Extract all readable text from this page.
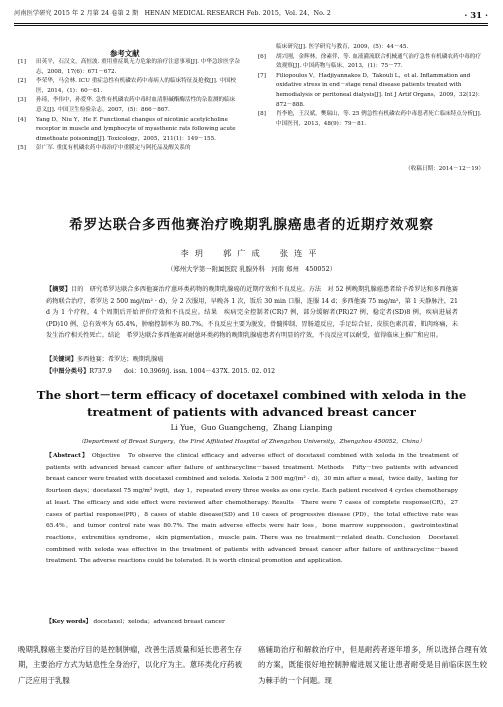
河南医学研究 2015 年 2 月第 24 卷第 2 期　HENAN MEDICAL RESEARCH Feb. 2015，Vol. 24，No. 2	· 31 ·
参考文献
[1]	田英平，石汉文，高恒波. 重用重症肌无力危象的治疗注意事项[J]. 中华急诊医学杂志，2008，17(6)：671－672.
[2]	李荣华，马会林. ICU 重症急性有机磷农药中毒病人的临床特征及抢救[J]. 中国校医，2014，(1)：60－61.
[3]	孙琦，李伟中，孙爱华. 急性有机磷农药中毒时血清胆碱酯酶活性的杂监测的临床意义[J]. 中国卫生检验杂志，2007，(5)：866－867.
[4]	Yang D，Niu Y，He F. Functional changes of nicotinic acetylcholine receptor in muscle and lymphocyte of myasthenic rats following acute dimethoate poisoning[J]. Toxicology，2005，211(1)：149－155.
[5]	彭广军. 重度有机磷农药中毒治疗中重膜定与阿托品及醒关系的
临床研究[J]. 医学研究与教育，2009，(5)：44－45.
[6]	胡兴刚，金辉林，徐素伴，等. 血液灌流联合机械通气治疗急性有机磷农药中毒的疗效观察[J]. 中国药物与临床，2013，(1)：75－77.
[7]	Filiopoulos V，Hadjiyannakos D，Takouli L，et al. Inflammation and oxidative stress in end－stage renal disease patients treated with hemodialysis or peritoneal dialysis[J]. Int J Artif Organs，2009，32(12)：872－888.
[8]	肖李艳，王汉斌，樊瑞山，等. 25 例急性有机磷农药中毒患者死亡临床特点分析[J]. 中国医刊，2013，48(9)：79－81.
（收稿日期：2014－12－19）
希罗达联合多西他赛治疗晚期乳腺癌患者的近期疗效观察
李玥　郭广成　张连平
（郑州大学第一附属医院 乳腺外科　河南 郑州　450052）
【摘要】目的　研究希罗达联合多西他赛治疗蒽环类药物的晚期乳腺癌的近期疗效和不良反应。方法　对 52 例晚期乳腺癌患者给予希罗达和多西他赛药物联合治疗，希罗达 2 500 mg/(m² · d)，分 2 次服用，早晚各 1 次，饭后 30 min 口服，连服 14 d；多西他赛 75 mg/m²，第 1 天静脉注，21 d 为 1 个疗程，4 个周期后开始评价疗效和不良反应。结果　疾病完全控制者(CR)7 例，部分缓解者(PR)27 例，稳定者(SD)8 例，疾病进展者(PD)10 例，总有效率为 65.4%，肿瘤控制率为 80.7%。不良反应主要为脱发，骨髓抑制，胃肠道反应，手足综合征，皮肤色素沉着，肌肉疼痛，未发生治疗相关性死亡。结论　希罗达联合多西他赛对耐蒽环类药物的晚期乳腺癌患者有明显的疗效，不良反应可以耐受，值得临床上推广和应用。
【关键词】多西他赛；希罗达；晚期乳腺癌
【中图分类号】R737.9　　doi：10.3969/j. issn. 1004－437X. 2015. 02. 012
The short－term efficacy of docetaxel combined with xeloda in the
treatment of patients with advanced breast cancer
Li Yue，Guo Guangcheng，Zhang Lianping
（Department of Breast Surgery，the First Affiliated Hospital of Zhengzhou University，Zhengzhou 450052，China）
【Abstract】 Objective　To observe the clinical efficacy and adverse effect of docetaxel combined with xeloda in the treatment of patients with advanced breast cancer after failure of anthracycline－based treatment. Methods　Fifty－two patients with advanced breast cancer were treated with docetaxel combined and xeloda. Xeloda 2 500 mg/(m² · d)，30 min after a meal，twice daily，lasting for fourteen days；docetaxel 75 mg/m² ivgtt，day 1，repeated every three weeks as one cycle. Each patient received 4 cycles chemotherapy at least. The efficacy and side effect were reviewed after chemotherapy. Results　There were 7 cases of complete response(CR)，27 cases of partial response(PR)，8 cases of stable disease(SD) and 10 cases of progressive disease (PD)，the total effective rate was 65.4%，and tumor control rate was 80.7%. The main adverse effects were hair loss，bone marrow suppression，gastrointestinal reactions，extremities syndrome，skin pigmentation，muscle pain. There was no treatment－related death. Conclusion　Docetaxel combined with xeloda was effective in the treatment of patients with advanced breast cancer after failure of anthracycline－based treatment. The adverse reactions could be tolerated. It is worth clinical promotion and application.
【Key words】 docetaxel；xeloda；advanced breast cancer
晚期乳腺癌主要治疗目的是控制肿瘤，改善生活质量和延长患者生存期，主要治疗方式为姑息性全身治疗，以化疗为主。蒽环类化疗药被广泛应用于乳腺
癌辅助治疗和解救治疗中，但是耐药者逐年增多，所以选择合理有效的方案，既能很好地控制肿瘤进展又能让患者耐受是目前临床医生较为棘手的一个问题。现
